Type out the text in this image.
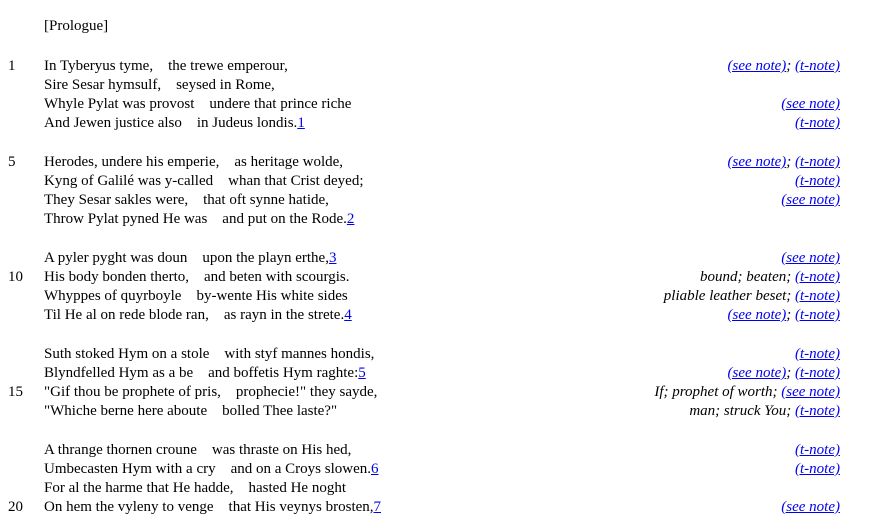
[Prologue]
1 In Tyberyus tyme,    the trewe emperour,	(see note); (t-note)
Sire Sesar hymsulf,    seysed in Rome,
Whyle Pylat was provost    undere that prince riche	(see note)
And Jewen justice also    in Judeus londis.1	(t-note)
5 Herodes, undere his emperie,    as heritage wolde,	(see note); (t-note)
Kyng of Galilé was y-called    whan that Crist deyed;	(t-note)
They Sesar sakles were,    that oft synne hatide,	(see note)
Throw Pylat pyned He was    and put on the Rode.2
A pyler pyght was doun    upon the playn erthe,3	(see note)
10 His body bonden therto,    and beten with scourgis.	bound; beaten; (t-note)
Whyppes of quyrboyle    by-wente His white sides	pliable leather beset; (t-note)
Til He al on rede blode ran,    as rayn in the strete.4	(see note); (t-note)
Suth stoked Hym on a stole    with styf mannes hondis,	(t-note)
Blyndfelled Hym as a be    and boffetis Hym raghte:5	(see note); (t-note)
15 "Gif thou be prophete of pris,    prophecie!" they sayde,	If; prophet of worth; (see note)
"Whiche berne here aboute    bolled Thee laste?"	man; struck You; (t-note)
A thrange thornen croune    was thraste on His hed,	(t-note)
Umbecasten Hym with a cry    and on a Croys slowen.6	(t-note)
For al the harme that He hadde,    hasted He noght
20 On hem the vyleny to venge    that His veynys brosten,7	(see note)
